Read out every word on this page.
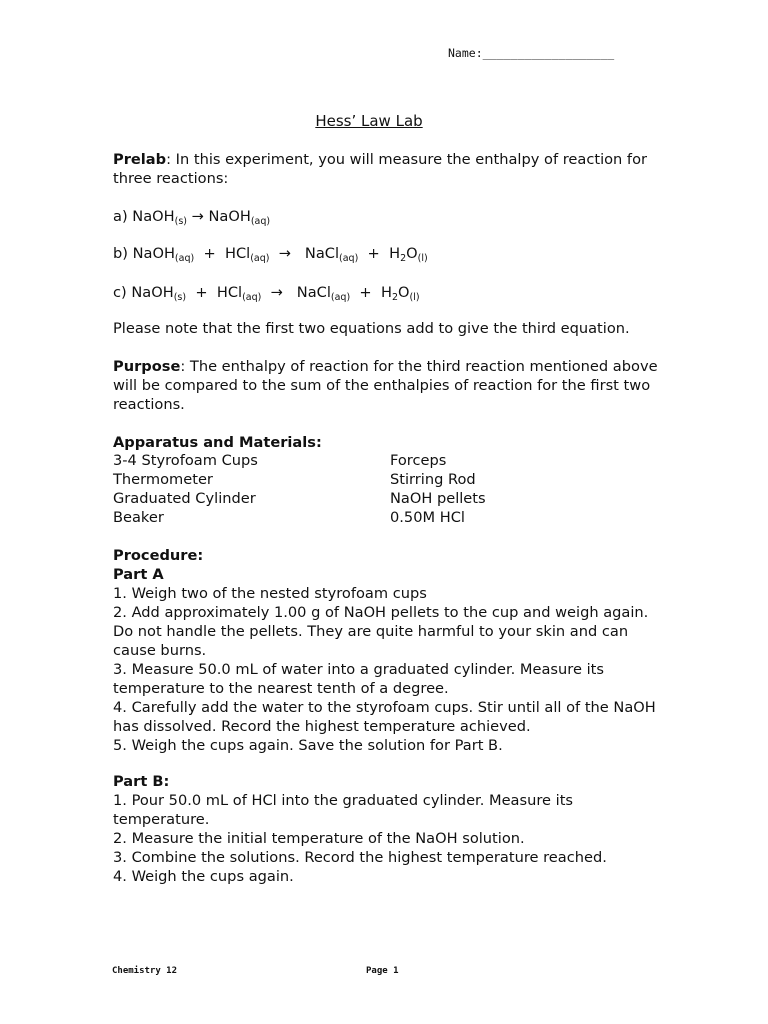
Name:___________________
Hess’ Law Lab
Prelab: In this experiment, you will measure the enthalpy of reaction for three reactions:
a) NaOH$_{(s)}$ → NaOH$_{(aq)}$
b) NaOH$_{(aq)}$  +  HCl$_{(aq)}$  →   NaCl$_{(aq)}$  +  $H_2O_{(l)}$
c) NaOH$_{(s)}$  +  HCl$_{(aq)}$  →   NaCl$_{(aq)}$  +  $H_2O_{(l)}$
Please note that the first two equations add to give the third equation.
Purpose: The enthalpy of reaction for the third reaction mentioned above will be compared to the sum of the enthalpies of reaction for the first two reactions.
Apparatus and Materials:
3-4 Styrofoam Cups	Forceps
Thermometer	Stirring Rod
Graduated Cylinder	NaOH pellets
Beaker	0.50M HCl

Procedure:

Part A

1. Weigh two of the nested styrofoam cups

2. Add approximately 1.00 g of NaOH pellets to the cup and weigh again. Do not handle the pellets. They are quite harmful to your skin and can cause burns.

3. Measure 50.0 mL of water into a graduated cylinder. Measure its temperature to the nearest tenth of a degree.

4. Carefully add the water to the styrofoam cups. Stir until all of the NaOH has dissolved. Record the highest temperature achieved.

5. Weigh the cups again. Save the solution for Part B.

Part B:

1. Pour 50.0 mL of HCl into the graduated cylinder. Measure its temperature.

2. Measure the initial temperature of the NaOH solution.

3. Combine the solutions. Record the highest temperature reached.

4. Weigh the cups again.

Chemistry 12	Page 1
